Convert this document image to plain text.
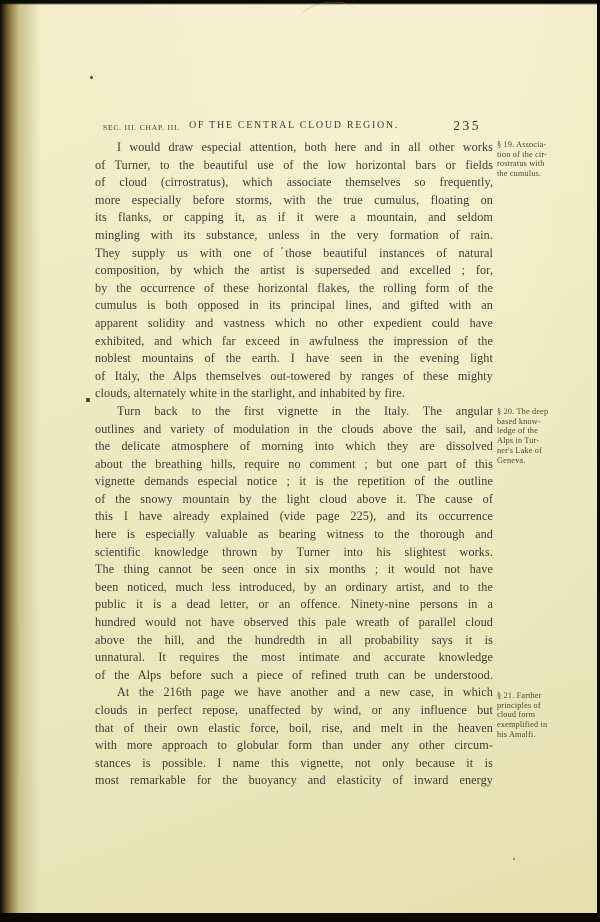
SEC. III. CHAP. III. OF THE CENTRAL CLOUD REGION.	235
I would draw especial attention, both here and in all other works
of Turner, to the beautiful use of the low horizontal bars or fields
of cloud (cirrostratus), which associate themselves so frequently,
more especially before storms, with the true cumulus, floating on
its flanks, or capping it, as if it were a mountain, and seldom
mingling with its substance, unless in the very formation of rain.
They supply us with one of those beautiful instances of natural
composition, by which the artist is superseded and excelled ; for,
by the occurrence of these horizontal flakes, the rolling form of the
cumulus is both opposed in its principal lines, and gifted with an
apparent solidity and vastness which no other expedient could have
exhibited, and which far exceed in awfulness the impression of the
noblest mountains of the earth. I have seen in the evening light
of Italy, the Alps themselves out-towered by ranges of these mighty
clouds, alternately white in the starlight, and inhabited by fire.
Turn back to the first vignette in the Italy. The angular
outlines and variety of modulation in the clouds above the sail, and
the delicate atmosphere of morning into which they are dissolved
about the breathing hills, require no comment ; but one part of this
vignette demands especial notice ; it is the repetition of the outline
of the snowy mountain by the light cloud above it. The cause of
this I have already explained (vide page 225), and its occurrence
here is especially valuable as bearing witness to the thorough and
scientific knowledge thrown by Turner into his slightest works.
The thing cannot be seen once in six months ; it would not have
been noticed, much less introduced, by an ordinary artist, and to the
public it is a dead letter, or an offence. Ninety-nine persons in a
hundred would not have observed this pale wreath of parallel cloud
above the hill, and the hundredth in all probability says it is
unnatural. It requires the most intimate and accurate knowledge
of the Alps before such a piece of refined truth can be understood.
At the 216th page we have another and a new case, in which
clouds in perfect repose, unaffected by wind, or any influence but
that of their own elastic force, boil, rise, and melt in the heaven
with more approach to globular form than under any other circum-
stances is possible. I name this vignette, not only because it is
most remarkable for the buoyancy and elasticity of inward energy
§ 19. Associa-
tion of the cir-
rostratus with
the cumulus.
§ 20. The deep
based know-
ledge of the
Alps in Tur-
ner's Lake of
Geneva.
§ 21. Farther
principles of
cloud form
exemplified in
his Amalfi.
